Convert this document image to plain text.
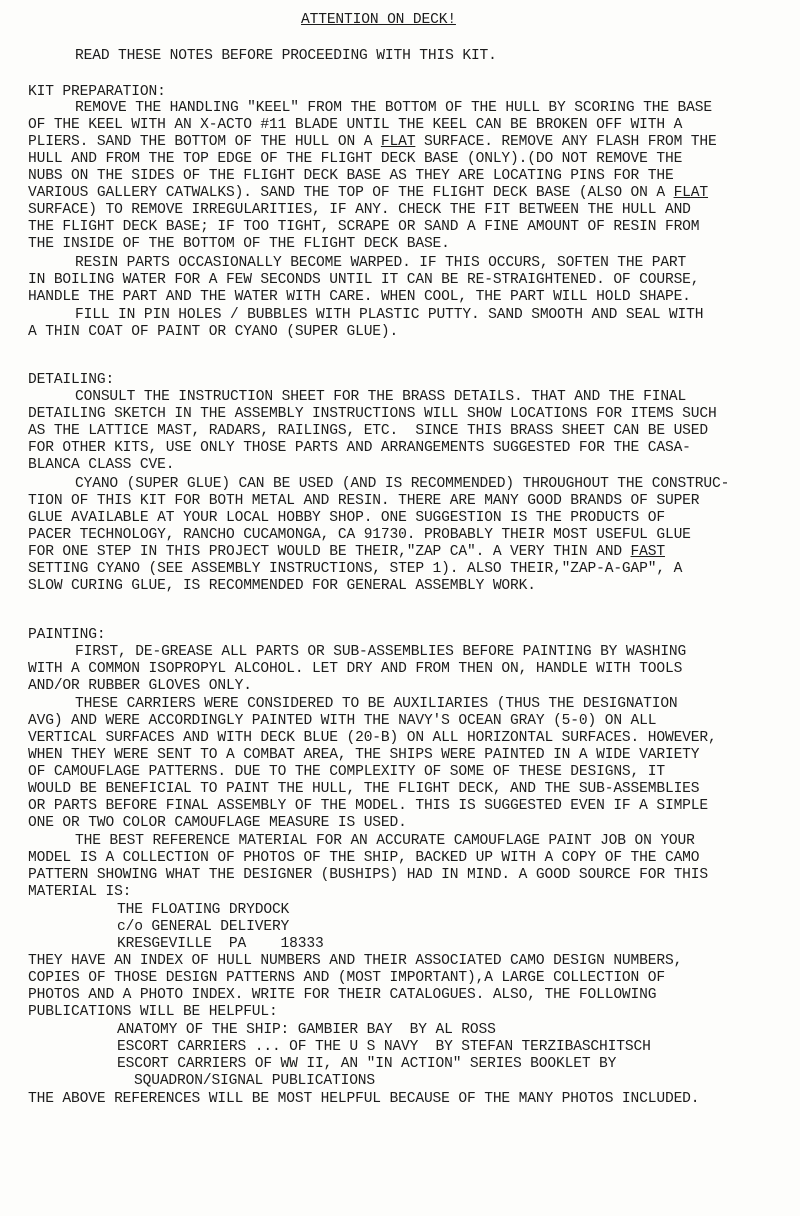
ATTENTION ON DECK!
READ THESE NOTES BEFORE PROCEEDING WITH THIS KIT.
KIT PREPARATION:
REMOVE THE HANDLING "KEEL" FROM THE BOTTOM OF THE HULL BY SCORING THE BASE
OF THE KEEL WITH AN X-ACTO #11 BLADE UNTIL THE KEEL CAN BE BROKEN OFF WITH A
PLIERS. SAND THE BOTTOM OF THE HULL ON A FLAT SURFACE. REMOVE ANY FLASH FROM THE
HULL AND FROM THE TOP EDGE OF THE FLIGHT DECK BASE (ONLY).(DO NOT REMOVE THE
NUBS ON THE SIDES OF THE FLIGHT DECK BASE AS THEY ARE LOCATING PINS FOR THE
VARIOUS GALLERY CATWALKS). SAND THE TOP OF THE FLIGHT DECK BASE (ALSO ON A FLAT
SURFACE) TO REMOVE IRREGULARITIES, IF ANY. CHECK THE FIT BETWEEN THE HULL AND
THE FLIGHT DECK BASE; IF TOO TIGHT, SCRAPE OR SAND A FINE AMOUNT OF RESIN FROM
THE INSIDE OF THE BOTTOM OF THE FLIGHT DECK BASE.
RESIN PARTS OCCASIONALLY BECOME WARPED. IF THIS OCCURS, SOFTEN THE PART
IN BOILING WATER FOR A FEW SECONDS UNTIL IT CAN BE RE-STRAIGHTENED. OF COURSE,
HANDLE THE PART AND THE WATER WITH CARE. WHEN COOL, THE PART WILL HOLD SHAPE.
FILL IN PIN HOLES / BUBBLES WITH PLASTIC PUTTY. SAND SMOOTH AND SEAL WITH
A THIN COAT OF PAINT OR CYANO (SUPER GLUE).
DETAILING:
CONSULT THE INSTRUCTION SHEET FOR THE BRASS DETAILS. THAT AND THE FINAL
DETAILING SKETCH IN THE ASSEMBLY INSTRUCTIONS WILL SHOW LOCATIONS FOR ITEMS SUCH
AS THE LATTICE MAST, RADARS, RAILINGS, ETC.  SINCE THIS BRASS SHEET CAN BE USED
FOR OTHER KITS, USE ONLY THOSE PARTS AND ARRANGEMENTS SUGGESTED FOR THE CASA-
BLANCA CLASS CVE.
CYANO (SUPER GLUE) CAN BE USED (AND IS RECOMMENDED) THROUGHOUT THE CONSTRUC-
TION OF THIS KIT FOR BOTH METAL AND RESIN. THERE ARE MANY GOOD BRANDS OF SUPER
GLUE AVAILABLE AT YOUR LOCAL HOBBY SHOP. ONE SUGGESTION IS THE PRODUCTS OF
PACER TECHNOLOGY, RANCHO CUCAMONGA, CA 91730. PROBABLY THEIR MOST USEFUL GLUE
FOR ONE STEP IN THIS PROJECT WOULD BE THEIR,"ZAP CA". A VERY THIN AND FAST
SETTING CYANO (SEE ASSEMBLY INSTRUCTIONS, STEP 1). ALSO THEIR,"ZAP-A-GAP", A
SLOW CURING GLUE, IS RECOMMENDED FOR GENERAL ASSEMBLY WORK.
PAINTING:
FIRST, DE-GREASE ALL PARTS OR SUB-ASSEMBLIES BEFORE PAINTING BY WASHING
WITH A COMMON ISOPROPYL ALCOHOL. LET DRY AND FROM THEN ON, HANDLE WITH TOOLS
AND/OR RUBBER GLOVES ONLY.
THESE CARRIERS WERE CONSIDERED TO BE AUXILIARIES (THUS THE DESIGNATION
AVG) AND WERE ACCORDINGLY PAINTED WITH THE NAVY'S OCEAN GRAY (5-0) ON ALL
VERTICAL SURFACES AND WITH DECK BLUE (20-B) ON ALL HORIZONTAL SURFACES. HOWEVER,
WHEN THEY WERE SENT TO A COMBAT AREA, THE SHIPS WERE PAINTED IN A WIDE VARIETY
OF CAMOUFLAGE PATTERNS. DUE TO THE COMPLEXITY OF SOME OF THESE DESIGNS, IT
WOULD BE BENEFICIAL TO PAINT THE HULL, THE FLIGHT DECK, AND THE SUB-ASSEMBLIES
OR PARTS BEFORE FINAL ASSEMBLY OF THE MODEL. THIS IS SUGGESTED EVEN IF A SIMPLE
ONE OR TWO COLOR CAMOUFLAGE MEASURE IS USED.
THE BEST REFERENCE MATERIAL FOR AN ACCURATE CAMOUFLAGE PAINT JOB ON YOUR
MODEL IS A COLLECTION OF PHOTOS OF THE SHIP, BACKED UP WITH A COPY OF THE CAMO
PATTERN SHOWING WHAT THE DESIGNER (BUSHIPS) HAD IN MIND. A GOOD SOURCE FOR THIS
MATERIAL IS:
THE FLOATING DRYDOCK
c/o GENERAL DELIVERY
KRESGEVILLE  PA    18333
THEY HAVE AN INDEX OF HULL NUMBERS AND THEIR ASSOCIATED CAMO DESIGN NUMBERS,
COPIES OF THOSE DESIGN PATTERNS AND (MOST IMPORTANT),A LARGE COLLECTION OF
PHOTOS AND A PHOTO INDEX. WRITE FOR THEIR CATALOGUES. ALSO, THE FOLLOWING
PUBLICATIONS WILL BE HELPFUL:
ANATOMY OF THE SHIP: GAMBIER BAY  BY AL ROSS
ESCORT CARRIERS ... OF THE U S NAVY  BY STEFAN TERZIBASCHITSCH
ESCORT CARRIERS OF WW II, AN "IN ACTION" SERIES BOOKLET BY
SQUADRON/SIGNAL PUBLICATIONS
THE ABOVE REFERENCES WILL BE MOST HELPFUL BECAUSE OF THE MANY PHOTOS INCLUDED.
